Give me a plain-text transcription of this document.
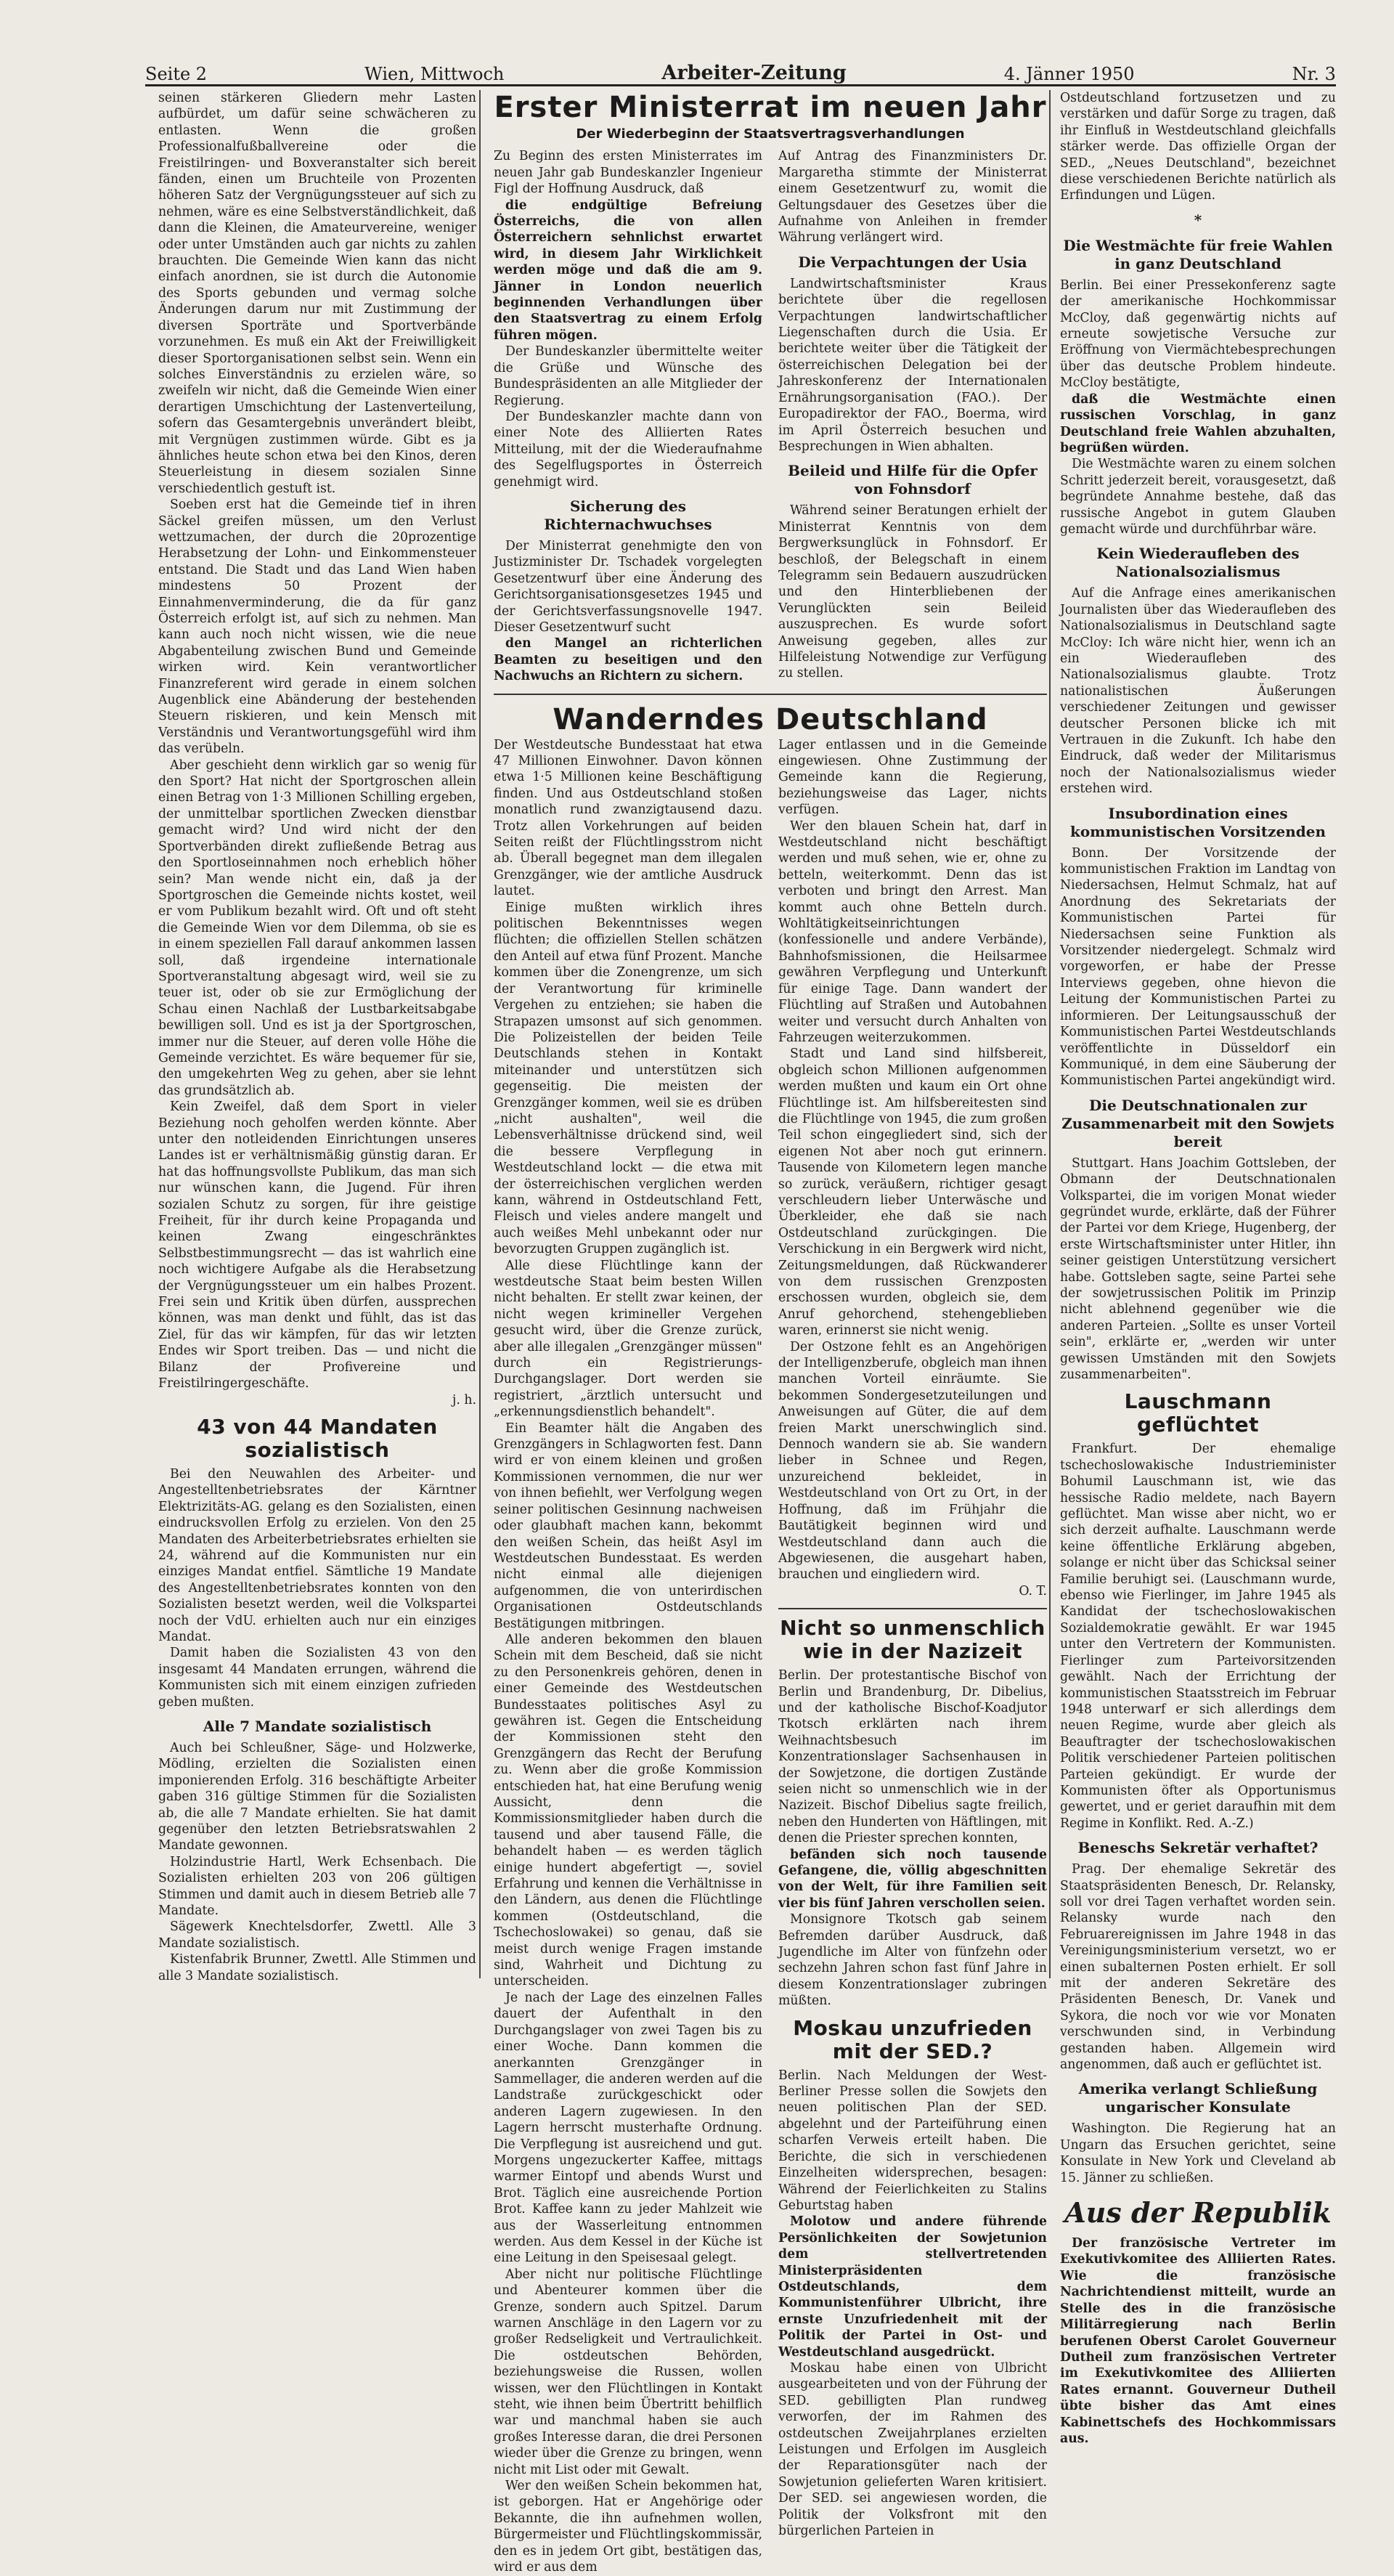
Seite 2	Wien, Mittwoch	Arbeiter-Zeitung	4. Jänner 1950	Nr. 3

seinen stärkeren Gliedern mehr Lasten aufbürdet, um dafür seine schwächeren zu entlasten. Wenn die großen Professionalfußballvereine oder die Freistilringen- und Boxveranstalter sich bereit fänden, einen um Bruchteile von Prozenten höheren Satz der Vergnügungssteuer auf sich zu nehmen, wäre es eine Selbstverständlichkeit, daß dann die Kleinen, die Amateurvereine, weniger oder unter Umständen auch gar nichts zu zahlen brauchten. Die Gemeinde Wien kann das nicht einfach anordnen, sie ist durch die Autonomie des Sports gebunden und vermag solche Änderungen darum nur mit Zustimmung der diversen Sporträte und Sportverbände vorzunehmen. Es muß ein Akt der Freiwilligkeit dieser Sportorganisationen selbst sein. Wenn ein solches Einverständnis zu erzielen wäre, so zweifeln wir nicht, daß die Gemeinde Wien einer derartigen Umschichtung der Lastenverteilung, sofern das Gesamtergebnis unverändert bleibt, mit Vergnügen zustimmen würde. Gibt es ja ähnliches heute schon etwa bei den Kinos, deren Steuerleistung in diesem sozialen Sinne verschiedentlich gestuft ist.

Soeben erst hat die Gemeinde tief in ihren Säckel greifen müssen, um den Verlust wettzumachen, der durch die 20prozentige Herabsetzung der Lohn- und Einkommensteuer entstand. Die Stadt und das Land Wien haben mindestens 50 Prozent der Einnahmenverminderung, die da für ganz Österreich erfolgt ist, auf sich zu nehmen. Man kann auch noch nicht wissen, wie die neue Abgabenteilung zwischen Bund und Gemeinde wirken wird. Kein verantwortlicher Finanzreferent wird gerade in einem solchen Augenblick eine Abänderung der bestehenden Steuern riskieren, und kein Mensch mit Verständnis und Verantwortungsgefühl wird ihm das verübeln.

Aber geschieht denn wirklich gar so wenig für den Sport? Hat nicht der Sportgroschen allein einen Betrag von 1·3 Millionen Schilling ergeben, der unmittelbar sportlichen Zwecken dienstbar gemacht wird? Und wird nicht der den Sportverbänden direkt zufließende Betrag aus den Sportloseinnahmen noch erheblich höher sein? Man wende nicht ein, daß ja der Sportgroschen die Gemeinde nichts kostet, weil er vom Publikum bezahlt wird. Oft und oft steht die Gemeinde Wien vor dem Dilemma, ob sie es in einem speziellen Fall darauf ankommen lassen soll, daß irgendeine internationale Sportveranstaltung abgesagt wird, weil sie zu teuer ist, oder ob sie zur Ermöglichung der Schau einen Nachlaß der Lustbarkeitsabgabe bewilligen soll. Und es ist ja der Sportgroschen, immer nur die Steuer, auf deren volle Höhe die Gemeinde verzichtet. Es wäre bequemer für sie, den umgekehrten Weg zu gehen, aber sie lehnt das grundsätzlich ab.

Kein Zweifel, daß dem Sport in vieler Beziehung noch geholfen werden könnte. Aber unter den notleidenden Einrichtungen unseres Landes ist er verhältnismäßig günstig daran. Er hat das hoffnungsvollste Publikum, das man sich nur wünschen kann, die Jugend. Für ihren sozialen Schutz zu sorgen, für ihre geistige Freiheit, für ihr durch keine Propaganda und keinen Zwang eingeschränktes Selbstbestimmungsrecht — das ist wahrlich eine noch wichtigere Aufgabe als die Herabsetzung der Vergnügungssteuer um ein halbes Prozent. Frei sein und Kritik üben dürfen, aussprechen können, was man denkt und fühlt, das ist das Ziel, für das wir kämpfen, für das wir letzten Endes wir Sport treiben. Das — und nicht die Bilanz der Profivereine und Freistilringergeschäfte.

j. h.
43 von 44 Mandaten sozialistisch

Bei den Neuwahlen des Arbeiter- und Angestelltenbetriebsrates der Kärntner Elektrizitäts-AG. gelang es den Sozialisten, einen eindrucksvollen Erfolg zu erzielen. Von den 25 Mandaten des Arbeiterbetriebsrates erhielten sie 24, während auf die Kommunisten nur ein einziges Mandat entfiel. Sämtliche 19 Mandate des Angestelltenbetriebsrates konnten von den Sozialisten besetzt werden, weil die Volkspartei noch der VdU. erhielten auch nur ein einziges Mandat.

Damit haben die Sozialisten 43 von den insgesamt 44 Mandaten errungen, während die Kommunisten sich mit einem einzigen zufrieden geben mußten.

Alle 7 Mandate sozialistisch

Auch bei Schleußner, Säge- und Holzwerke, Mödling, erzielten die Sozialisten einen imponierenden Erfolg. 316 beschäftigte Arbeiter gaben 316 gültige Stimmen für die Sozialisten ab, die alle 7 Mandate erhielten. Sie hat damit gegenüber den letzten Betriebsratswahlen 2 Mandate gewonnen.

Holzindustrie Hartl, Werk Echsenbach. Die Sozialisten erhielten 203 von 206 gültigen Stimmen und damit auch in diesem Betrieb alle 7 Mandate.

Sägewerk Knechtelsdorfer, Zwettl. Alle 3 Mandate sozialistisch.

Kistenfabrik Brunner, Zwettl. Alle Stimmen und alle 3 Mandate sozialistisch.

Erster Ministerrat im neuen Jahr
Der Wiederbeginn der Staatsvertragsverhandlungen

Zu Beginn des ersten Ministerrates im neuen Jahr gab Bundeskanzler Ingenieur Figl der Hoffnung Ausdruck, daß

die endgültige Befreiung Österreichs, die von allen Österreichern sehnlichst erwartet wird, in diesem Jahr Wirklichkeit werden möge und daß die am 9. Jänner in London neuerlich beginnenden Verhandlungen über den Staatsvertrag zu einem Erfolg führen mögen.

Der Bundeskanzler übermittelte weiter die Grüße und Wünsche des Bundespräsidenten an alle Mitglieder der Regierung.

Der Bundeskanzler machte dann von einer Note des Alliierten Rates Mitteilung, mit der die Wiederaufnahme des Segelflugsportes in Österreich genehmigt wird.

Sicherung des Richternachwuchses

Der Ministerrat genehmigte den von Justizminister Dr. Tschadek vorgelegten Gesetzentwurf über eine Änderung des Gerichtsorganisationsgesetzes 1945 und der Gerichtsverfassungsnovelle 1947. Dieser Gesetzentwurf sucht

den Mangel an richterlichen Beamten zu beseitigen und den Nachwuchs an Richtern zu sichern.

Auf Antrag des Finanzministers Dr. Margaretha stimmte der Ministerrat einem Gesetzentwurf zu, womit die Geltungsdauer des Gesetzes über die Aufnahme von Anleihen in fremder Währung verlängert wird.

Die Verpachtungen der Usia

Landwirtschaftsminister Kraus berichtete über die regellosen Verpachtungen landwirtschaftlicher Liegenschaften durch die Usia. Er berichtete weiter über die Tätigkeit der österreichischen Delegation bei der Jahreskonferenz der Internationalen Ernährungsorganisation (FAO.). Der Europadirektor der FAO., Boerma, wird im April Österreich besuchen und Besprechungen in Wien abhalten.

Beileid und Hilfe für die Opfer von Fohnsdorf

Während seiner Beratungen erhielt der Ministerrat Kenntnis von dem Bergwerksunglück in Fohnsdorf. Er beschloß, der Belegschaft in einem Telegramm sein Bedauern auszudrücken und den Hinterbliebenen der Verunglückten sein Beileid auszusprechen. Es wurde sofort Anweisung gegeben, alles zur Hilfeleistung Notwendige zur Verfügung zu stellen.

Wanderndes Deutschland

Der Westdeutsche Bundesstaat hat etwa 47 Millionen Einwohner. Davon können etwa 1·5 Millionen keine Beschäftigung finden. Und aus Ostdeutschland stoßen monatlich rund zwanzigtausend dazu. Trotz allen Vorkehrungen auf beiden Seiten reißt der Flüchtlingsstrom nicht ab. Überall begegnet man dem illegalen Grenzgänger, wie der amtliche Ausdruck lautet.

Einige mußten wirklich ihres politischen Bekenntnisses wegen flüchten; die offiziellen Stellen schätzen den Anteil auf etwa fünf Prozent. Manche kommen über die Zonengrenze, um sich der Verantwortung für kriminelle Vergehen zu entziehen; sie haben die Strapazen umsonst auf sich genommen. Die Polizeistellen der beiden Teile Deutschlands stehen in Kontakt miteinander und unterstützen sich gegenseitig. Die meisten der Grenzgänger kommen, weil sie es drüben „nicht aushalten", weil die Lebensverhältnisse drückend sind, weil die bessere Verpflegung in Westdeutschland lockt — die etwa mit der österreichischen verglichen werden kann, während in Ostdeutschland Fett, Fleisch und vieles andere mangelt und auch weißes Mehl unbekannt oder nur bevorzugten Gruppen zugänglich ist.

Alle diese Flüchtlinge kann der westdeutsche Staat beim besten Willen nicht behalten. Er stellt zwar keinen, der nicht wegen krimineller Vergehen gesucht wird, über die Grenze zurück, aber alle illegalen „Grenzgänger müssen" durch ein Registrierungs-Durchgangslager. Dort werden sie registriert, „ärztlich untersucht und „erkennungsdienstlich behandelt".

Ein Beamter hält die Angaben des Grenzgängers in Schlagworten fest. Dann wird er von einem kleinen und großen Kommissionen vernommen, die nur wer von ihnen befiehlt, wer Verfolgung wegen seiner politischen Gesinnung nachweisen oder glaubhaft machen kann, bekommt den weißen Schein, das heißt Asyl im Westdeutschen Bundesstaat. Es werden nicht einmal alle diejenigen aufgenommen, die von unterirdischen Organisationen Ostdeutschlands Bestätigungen mitbringen.

Alle anderen bekommen den blauen Schein mit dem Bescheid, daß sie nicht zu den Personenkreis gehören, denen in einer Gemeinde des Westdeutschen Bundesstaates politisches Asyl zu gewähren ist. Gegen die Entscheidung der Kommissionen steht den Grenzgängern das Recht der Berufung zu. Wenn aber die große Kommission entschieden hat, hat eine Berufung wenig Aussicht, denn die Kommissionsmitglieder haben durch die tausend und aber tausend Fälle, die behandelt haben — es werden täglich einige hundert abgefertigt —, soviel Erfahrung und kennen die Verhältnisse in den Ländern, aus denen die Flüchtlinge kommen (Ostdeutschland, die Tschechoslowakei) so genau, daß sie meist durch wenige Fragen imstande sind, Wahrheit und Dichtung zu unterscheiden.

Je nach der Lage des einzelnen Falles dauert der Aufenthalt in den Durchgangslager von zwei Tagen bis zu einer Woche. Dann kommen die anerkannten Grenzgänger in Sammellager, die anderen werden auf die Landstraße zurückgeschickt oder anderen Lagern zugewiesen. In den Lagern herrscht musterhafte Ordnung. Die Verpflegung ist ausreichend und gut. Morgens ungezuckerter Kaffee, mittags warmer Eintopf und abends Wurst und Brot. Täglich eine ausreichende Portion Brot. Kaffee kann zu jeder Mahlzeit wie aus der Wasserleitung entnommen werden. Aus dem Kessel in der Küche ist eine Leitung in den Speisesaal gelegt.

Aber nicht nur politische Flüchtlinge und Abenteurer kommen über die Grenze, sondern auch Spitzel. Darum warnen Anschläge in den Lagern vor zu großer Redseligkeit und Vertraulichkeit. Die ostdeutschen Behörden, beziehungsweise die Russen, wollen wissen, wer den Flüchtlingen in Kontakt steht, wie ihnen beim Übertritt behilflich war und manchmal haben sie auch großes Interesse daran, die drei Personen wieder über die Grenze zu bringen, wenn nicht mit List oder mit Gewalt.

Wer den weißen Schein bekommen hat, ist geborgen. Hat er Angehörige oder Bekannte, die ihn aufnehmen wollen, Bürgermeister und Flüchtlingskommissär, den es in jedem Ort gibt, bestätigen das, wird er aus dem

Lager entlassen und in die Gemeinde eingewiesen. Ohne Zustimmung der Gemeinde kann die Regierung, beziehungsweise das Lager, nichts verfügen.

Wer den blauen Schein hat, darf in Westdeutschland nicht beschäftigt werden und muß sehen, wie er, ohne zu betteln, weiterkommt. Denn das ist verboten und bringt den Arrest. Man kommt auch ohne Betteln durch. Wohltätigkeitseinrichtungen (konfessionelle und andere Verbände), Bahnhofsmissionen, die Heilsarmee gewähren Verpflegung und Unterkunft für einige Tage. Dann wandert der Flüchtling auf Straßen und Autobahnen weiter und versucht durch Anhalten von Fahrzeugen weiterzukommen.

Stadt und Land sind hilfsbereit, obgleich schon Millionen aufgenommen werden mußten und kaum ein Ort ohne Flüchtlinge ist. Am hilfsbereitesten sind die Flüchtlinge von 1945, die zum großen Teil schon eingegliedert sind, sich der eigenen Not aber noch gut erinnern. Tausende von Kilometern legen manche so zurück, veräußern, richtiger gesagt verschleudern lieber Unterwäsche und Überkleider, ehe daß sie nach Ostdeutschland zurückgingen. Die Verschickung in ein Bergwerk wird nicht, Zeitungsmeldungen, daß Rückwanderer von dem russischen Grenzposten erschossen wurden, obgleich sie, dem Anruf gehorchend, stehengeblieben waren, erinnerst sie nicht wenig.

Der Ostzone fehlt es an Angehörigen der Intelligenzberufe, obgleich man ihnen manchen Vorteil einräumte. Sie bekommen Sondergesetzuteilungen und Anweisungen auf Güter, die auf dem freien Markt unerschwinglich sind. Dennoch wandern sie ab. Sie wandern lieber in Schnee und Regen, unzureichend bekleidet, in Westdeutschland von Ort zu Ort, in der Hoffnung, daß im Frühjahr die Bautätigkeit beginnen wird und Westdeutschland dann auch die Abgewiesenen, die ausgehart haben, brauchen und eingliedern wird.

O. T.
Nicht so unmenschlich wie in der Nazizeit

Berlin. Der protestantische Bischof von Berlin und Brandenburg, Dr. Dibelius, und der katholische Bischof-Koadjutor Tkotsch erklärten nach ihrem Weihnachtsbesuch im Konzentrationslager Sachsenhausen in der Sowjetzone, die dortigen Zustände seien nicht so unmenschlich wie in der Nazizeit. Bischof Dibelius sagte freilich, neben den Hunderten von Häftlingen, mit denen die Priester sprechen konnten,

befänden sich noch tausende Gefangene, die, völlig abgeschnitten von der Welt, für ihre Familien seit vier bis fünf Jahren verschollen seien.

Monsignore Tkotsch gab seinem Befremden darüber Ausdruck, daß Jugendliche im Alter von fünfzehn oder sechzehn Jahren schon fast fünf Jahre in diesem Konzentrationslager zubringen müßten.

Moskau unzufrieden mit der SED.?

Berlin. Nach Meldungen der West-Berliner Presse sollen die Sowjets den neuen politischen Plan der SED. abgelehnt und der Parteiführung einen scharfen Verweis erteilt haben. Die Berichte, die sich in verschiedenen Einzelheiten widersprechen, besagen: Während der Feierlichkeiten zu Stalins Geburtstag haben

Molotow und andere führende Persönlichkeiten der Sowjetunion dem stellvertretenden Ministerpräsidenten Ostdeutschlands, dem Kommunistenführer Ulbricht, ihre ernste Unzufriedenheit mit der Politik der Partei in Ost- und Westdeutschland ausgedrückt.

Moskau habe einen von Ulbricht ausgearbeiteten und von der Führung der SED. gebilligten Plan rundweg verworfen, der im Rahmen des ostdeutschen Zweijahrplanes erzielten Leistungen und Erfolgen im Ausgleich der Reparationsgüter nach der Sowjetunion gelieferten Waren kritisiert. Der SED. sei angewiesen worden, die Politik der Volksfront mit den bürgerlichen Parteien in

Ostdeutschland fortzusetzen und zu verstärken und dafür Sorge zu tragen, daß ihr Einfluß in Westdeutschland gleichfalls stärker werde. Das offizielle Organ der SED., „Neues Deutschland", bezeichnet diese verschiedenen Berichte natürlich als Erfindungen und Lügen.

*
Die Westmächte für freie Wahlen in ganz Deutschland

Berlin. Bei einer Pressekonferenz sagte der amerikanische Hochkommissar McCloy, daß gegenwärtig nichts auf erneute sowjetische Versuche zur Eröffnung von Viermächtebesprechungen über das deutsche Problem hindeute. McCloy bestätigte,

daß die Westmächte einen russischen Vorschlag, in ganz Deutschland freie Wahlen abzuhalten, begrüßen würden.

Die Westmächte waren zu einem solchen Schritt jederzeit bereit, vorausgesetzt, daß begründete Annahme bestehe, daß das russische Angebot in gutem Glauben gemacht würde und durchführbar wäre.

Kein Wiederaufleben des Nationalsozialismus

Auf die Anfrage eines amerikanischen Journalisten über das Wiederaufleben des Nationalsozialismus in Deutschland sagte McCloy: Ich wäre nicht hier, wenn ich an ein Wiederaufleben des Nationalsozialismus glaubte. Trotz nationalistischen Äußerungen verschiedener Zeitungen und gewisser deutscher Personen blicke ich mit Vertrauen in die Zukunft. Ich habe den Eindruck, daß weder der Militarismus noch der Nationalsozialismus wieder erstehen wird.

Insubordination eines kommunistischen Vorsitzenden

Bonn. Der Vorsitzende der kommunistischen Fraktion im Landtag von Niedersachsen, Helmut Schmalz, hat auf Anordnung des Sekretariats der Kommunistischen Partei für Niedersachsen seine Funktion als Vorsitzender niedergelegt. Schmalz wird vorgeworfen, er habe der Presse Interviews gegeben, ohne hievon die Leitung der Kommunistischen Partei zu informieren. Der Leitungsausschuß der Kommunistischen Partei Westdeutschlands veröffentlichte in Düsseldorf ein Kommuniqué, in dem eine Säuberung der Kommunistischen Partei angekündigt wird.

Die Deutschnationalen zur Zusammenarbeit mit den Sowjets bereit

Stuttgart. Hans Joachim Gottsleben, der Obmann der Deutschnationalen Volkspartei, die im vorigen Monat wieder gegründet wurde, erklärte, daß der Führer der Partei vor dem Kriege, Hugenberg, der erste Wirtschaftsminister unter Hitler, ihn seiner geistigen Unterstützung versichert habe. Gottsleben sagte, seine Partei sehe der sowjetrussischen Politik im Prinzip nicht ablehnend gegenüber wie die anderen Parteien. „Sollte es unser Vorteil sein", erklärte er, „werden wir unter gewissen Umständen mit den Sowjets zusammenarbeiten".

Lauschmann geflüchtet

Frankfurt. Der ehemalige tschechoslowakische Industrieminister Bohumil Lauschmann ist, wie das hessische Radio meldete, nach Bayern geflüchtet. Man wisse aber nicht, wo er sich derzeit aufhalte. Lauschmann werde keine öffentliche Erklärung abgeben, solange er nicht über das Schicksal seiner Familie beruhigt sei. (Lauschmann wurde, ebenso wie Fierlinger, im Jahre 1945 als Kandidat der tschechoslowakischen Sozialdemokratie gewählt. Er war 1945 unter den Vertretern der Kommunisten. Fierlinger zum Parteivorsitzenden gewählt. Nach der Errichtung der kommunistischen Staatsstreich im Februar 1948 unterwarf er sich allerdings dem neuen Regime, wurde aber gleich als Beauftragter der tschechoslowakischen Politik verschiedener Parteien politischen Parteien gekündigt. Er wurde der Kommunisten öfter als Opportunismus gewertet, und er geriet daraufhin mit dem Regime in Konflikt. Red. A.-Z.)

Beneschs Sekretär verhaftet?

Prag. Der ehemalige Sekretär des Staatspräsidenten Benesch, Dr. Relansky, soll vor drei Tagen verhaftet worden sein. Relansky wurde nach den Februarereignissen im Jahre 1948 in das Vereinigungsministerium versetzt, wo er einen subalternen Posten erhielt. Er soll mit der anderen Sekretäre des Präsidenten Benesch, Dr. Vanek und Sykora, die noch vor wie vor Monaten verschwunden sind, in Verbindung gestanden haben. Allgemein wird angenommen, daß auch er geflüchtet ist.

Amerika verlangt Schließung ungarischer Konsulate

Washington. Die Regierung hat an Ungarn das Ersuchen gerichtet, seine Konsulate in New York und Cleveland ab 15. Jänner zu schließen.

Aus der Republik

Der französische Vertreter im Exekutivkomitee des Alliierten Rates. Wie die französische Nachrichtendienst mitteilt, wurde an Stelle des in die französische Militärregierung nach Berlin berufenen Oberst Carolet Gouverneur Dutheil zum französischen Vertreter im Exekutivkomitee des Alliierten Rates ernannt. Gouverneur Dutheil übte bisher das Amt eines Kabinettschefs des Hochkommissars aus.
